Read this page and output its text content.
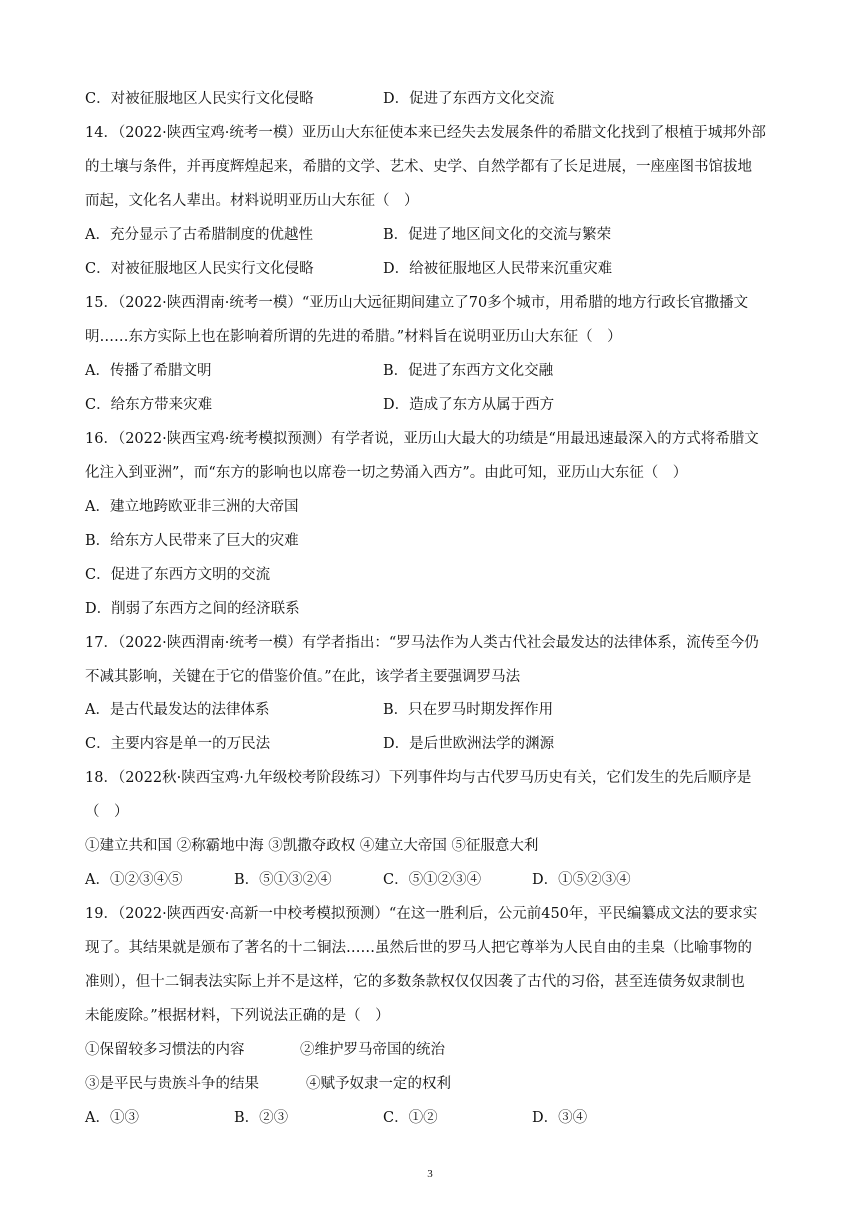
C．对被征服地区人民实行文化侵略	D．促进了东西方文化交流
14．（2022·陕西宝鸡·统考一模）亚历山大东征使本来已经失去发展条件的希腊文化找到了根植于城邦外部
的土壤与条件，并再度辉煌起来，希腊的文学、艺术、史学、自然学都有了长足进展，一座座图书馆拔地
而起，文化名人辈出。材料说明亚历山大东征（　）
A．充分显示了古希腊制度的优越性	B．促进了地区间文化的交流与繁荣
C．对被征服地区人民实行文化侵略	D．给被征服地区人民带来沉重灾难
15．（2022·陕西渭南·统考一模）“亚历山大远征期间建立了70多个城市，用希腊的地方行政长官撒播文
明……东方实际上也在影响着所谓的先进的希腊。”材料旨在说明亚历山大东征（　）
A．传播了希腊文明	B．促进了东西方文化交融
C．给东方带来灾难	D．造成了东方从属于西方
16．（2022·陕西宝鸡·统考模拟预测）有学者说，亚历山大最大的功绩是“用最迅速最深入的方式将希腊文
化注入到亚洲”，而“东方的影响也以席卷一切之势涌入西方”。由此可知，亚历山大东征（　）
A．建立地跨欧亚非三洲的大帝国
B．给东方人民带来了巨大的灾难
C．促进了东西方文明的交流
D．削弱了东西方之间的经济联系
17．（2022·陕西渭南·统考一模）有学者指出：“罗马法作为人类古代社会最发达的法律体系，流传至今仍
不减其影响，关键在于它的借鉴价值。”在此，该学者主要强调罗马法
A．是古代最发达的法律体系	B．只在罗马时期发挥作用
C．主要内容是单一的万民法	D．是后世欧洲法学的渊源
18．（2022秋·陕西宝鸡·九年级校考阶段练习）下列事件均与古代罗马历史有关，它们发生的先后顺序是
（　）
①建立共和国 ②称霸地中海 ③凯撒夺政权 ④建立大帝国 ⑤征服意大利
A．①②③④⑤	B．⑤①③②④	C．⑤①②③④	D．①⑤②③④
19．（2022·陕西西安·高新一中校考模拟预测）“在这一胜利后，公元前450年，平民编纂成文法的要求实
现了。其结果就是颁布了著名的十二铜法……虽然后世的罗马人把它尊举为人民自由的圭臬（比喻事物的
准则），但十二铜表法实际上并不是这样，它的多数条款权仅仅因袭了古代的习俗，甚至连债务奴隶制也
未能废除。”根据材料，下列说法正确的是（　）
①保留较多习惯法的内容	②维护罗马帝国的统治
③是平民与贵族斗争的结果	④赋予奴隶一定的权利
A．①③	B．②③	C．①②	D．③④
3
